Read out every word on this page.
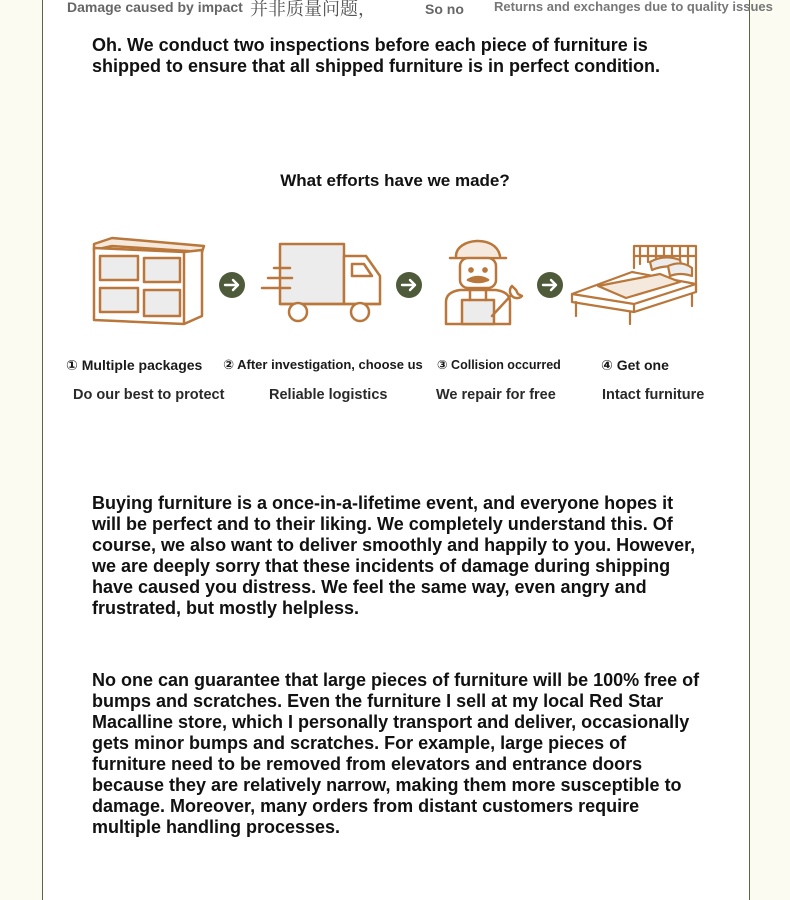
Damage caused by impact 并非质量问题，	So no Returns and exchanges due to quality issues

Oh. We conduct two inspections before each piece of furniture is shipped to ensure that all shipped furniture is in perfect condition.

What efforts have we made?
① Multiple packages ② After investigation, choose us ③ Collision occurred	④ Get one
Do our best to protect	Reliable logistics	We repair for free	Intact furniture

Buying furniture is a once-in-a-lifetime event, and everyone hopes it will be perfect and to their liking. We completely understand this. Of course, we also want to deliver smoothly and happily to you. However, we are deeply sorry that these incidents of damage during shipping have caused you distress. We feel the same way, even angry and frustrated, but mostly helpless.

No one can guarantee that large pieces of furniture will be 100% free of bumps and scratches. Even the furniture I sell at my local Red Star Macalline store, which I personally transport and deliver, occasionally gets minor bumps and scratches. For example, large pieces of furniture need to be removed from elevators and entrance doors because they are relatively narrow, making them more susceptible to damage. Moreover, many orders from distant customers require multiple handling processes.
